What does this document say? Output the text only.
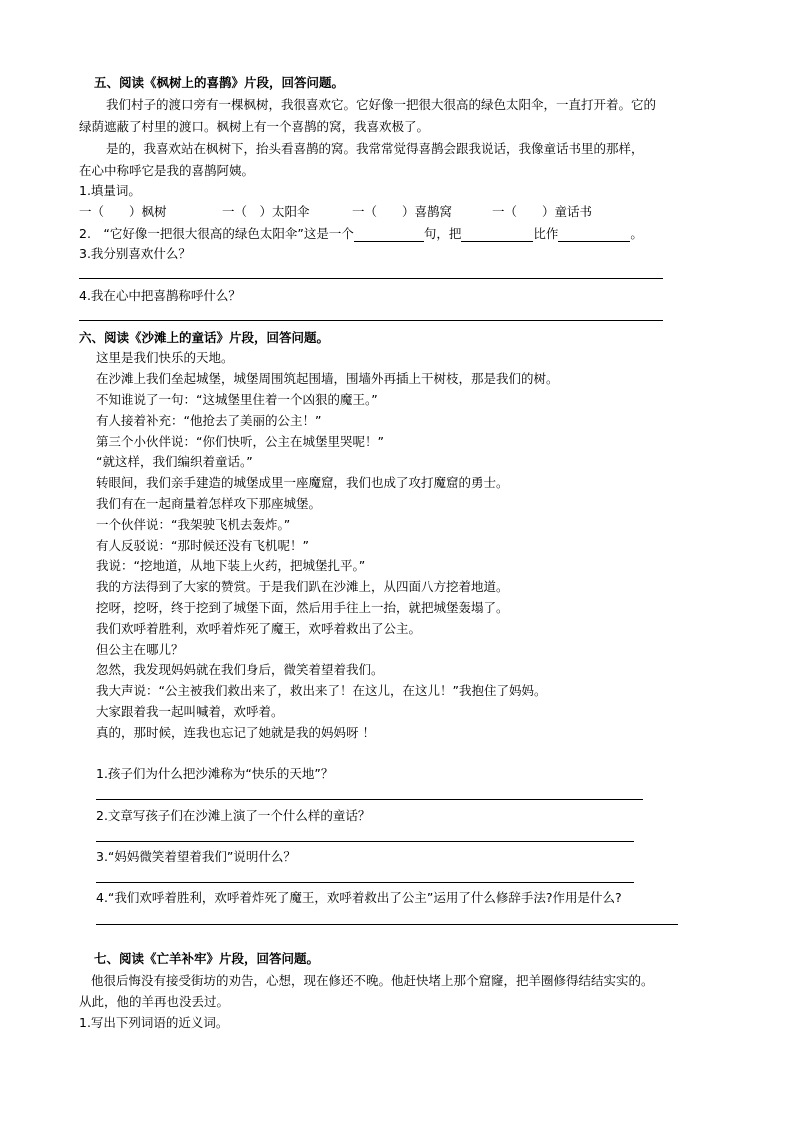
五、阅读《枫树上的喜鹊》片段，回答问题。
我们村子的渡口旁有一棵枫树，我很喜欢它。它好像一把很大很高的绿色太阳伞，一直打开着。它的
绿荫遮蔽了村里的渡口。枫树上有一个喜鹊的窝，我喜欢极了。
是的，我喜欢站在枫树下，抬头看喜鹊的窝。我常常觉得喜鹊会跟我说话，我像童话书里的那样，
在心中称呼它是我的喜鹊阿姨。
1.填量词。
一（　　）枫树	一（　）太阳伞	一（　　）喜鹊窝	一（　　）童话书
2.　“它好像一把很大很高的绿色太阳伞”这是一个	句，把	比作	。
3.我分别喜欢什么？
4.我在心中把喜鹊称呼什么？
六、阅读《沙滩上的童话》片段，回答问题。
这里是我们快乐的天地。
在沙滩上我们垒起城堡，城堡周围筑起围墙，围墙外再插上干树枝，那是我们的树。
不知谁说了一句：“这城堡里住着一个凶狠的魔王。”
有人接着补充：“他抢去了美丽的公主！”
第三个小伙伴说：“你们快听，公主在城堡里哭呢！”
“就这样，我们编织着童话。”
转眼间，我们亲手建造的城堡成里一座魔窟，我们也成了攻打魔窟的勇士。
我们有在一起商量着怎样攻下那座城堡。
一个伙伴说：“我架驶飞机去轰炸。”
有人反驳说：“那时候还没有飞机呢！”
我说：“挖地道，从地下装上火药，把城堡扎平。”
我的方法得到了大家的赞赏。于是我们趴在沙滩上，从四面八方挖着地道。
挖呀，挖呀，终于挖到了城堡下面，然后用手往上一抬，就把城堡轰塌了。
我们欢呼着胜利，欢呼着炸死了魔王，欢呼着救出了公主。
但公主在哪儿？
忽然，我发现妈妈就在我们身后，微笑着望着我们。
我大声说：“公主被我们救出来了，救出来了！在这儿，在这儿！”我抱住了妈妈。
大家跟着我一起叫喊着，欢呼着。
真的，那时候，连我也忘记了她就是我的妈妈呀 ！
1.孩子们为什么把沙滩称为“快乐的天地”？
2.文章写孩子们在沙滩上演了一个什么样的童话？
3.“妈妈微笑着望着我们”说明什么？
4.“我们欢呼着胜利，欢呼着炸死了魔王，欢呼着救出了公主”运用了什么修辞手法?作用是什么?
七、阅读《亡羊补牢》片段，回答问题。
他很后悔没有接受街坊的劝告，心想，现在修还不晚。他赶快堵上那个窟窿，把羊圈修得结结实实的。
从此，他的羊再也没丢过。
1.写出下列词语的近义词。
